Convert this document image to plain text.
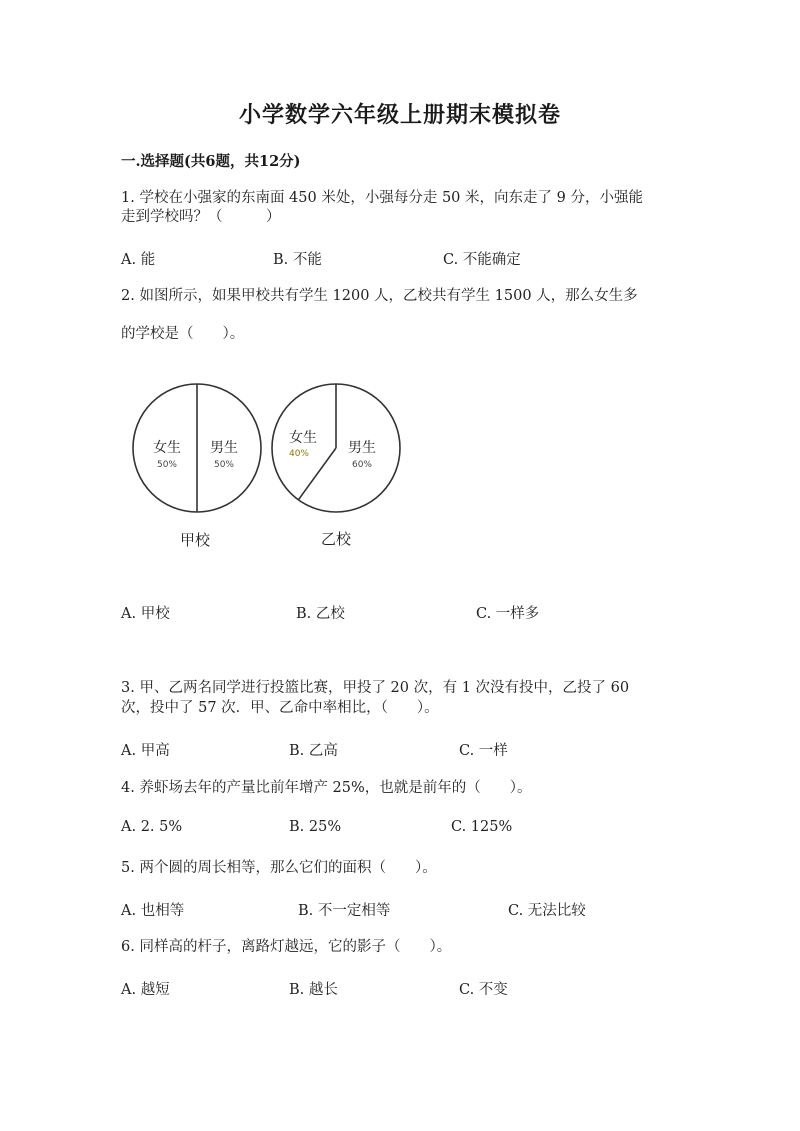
小学数学六年级上册期末模拟卷
一.选择题(共6题，共12分)
1. 学校在小强家的东南面 450 米处，小强每分走 50 米，向东走了 9 分，小强能
走到学校吗？（　　　）
A. 能	B. 不能	C. 不能确定
2. 如图所示，如果甲校共有学生 1200 人，乙校共有学生 1500 人，那么女生多
的学校是（　　）。
女生
50%
男生
50%
甲校
女生
40%	男生
60%
乙校
A. 甲校	B. 乙校	C. 一样多
3. 甲、乙两名同学进行投篮比赛，甲投了 20 次，有 1 次没有投中，乙投了 60
次，投中了 57 次．甲、乙命中率相比，（　　）。
A. 甲高	B. 乙高	C. 一样
4. 养虾场去年的产量比前年增产 25%，也就是前年的（　　）。
A. 2. 5%	B. 25%	C. 125%
5. 两个圆的周长相等，那么它们的面积（　　）。
A. 也相等	B. 不一定相等	C. 无法比较
6. 同样高的杆子，离路灯越远，它的影子（　　）。
A. 越短	B. 越长	C. 不变
